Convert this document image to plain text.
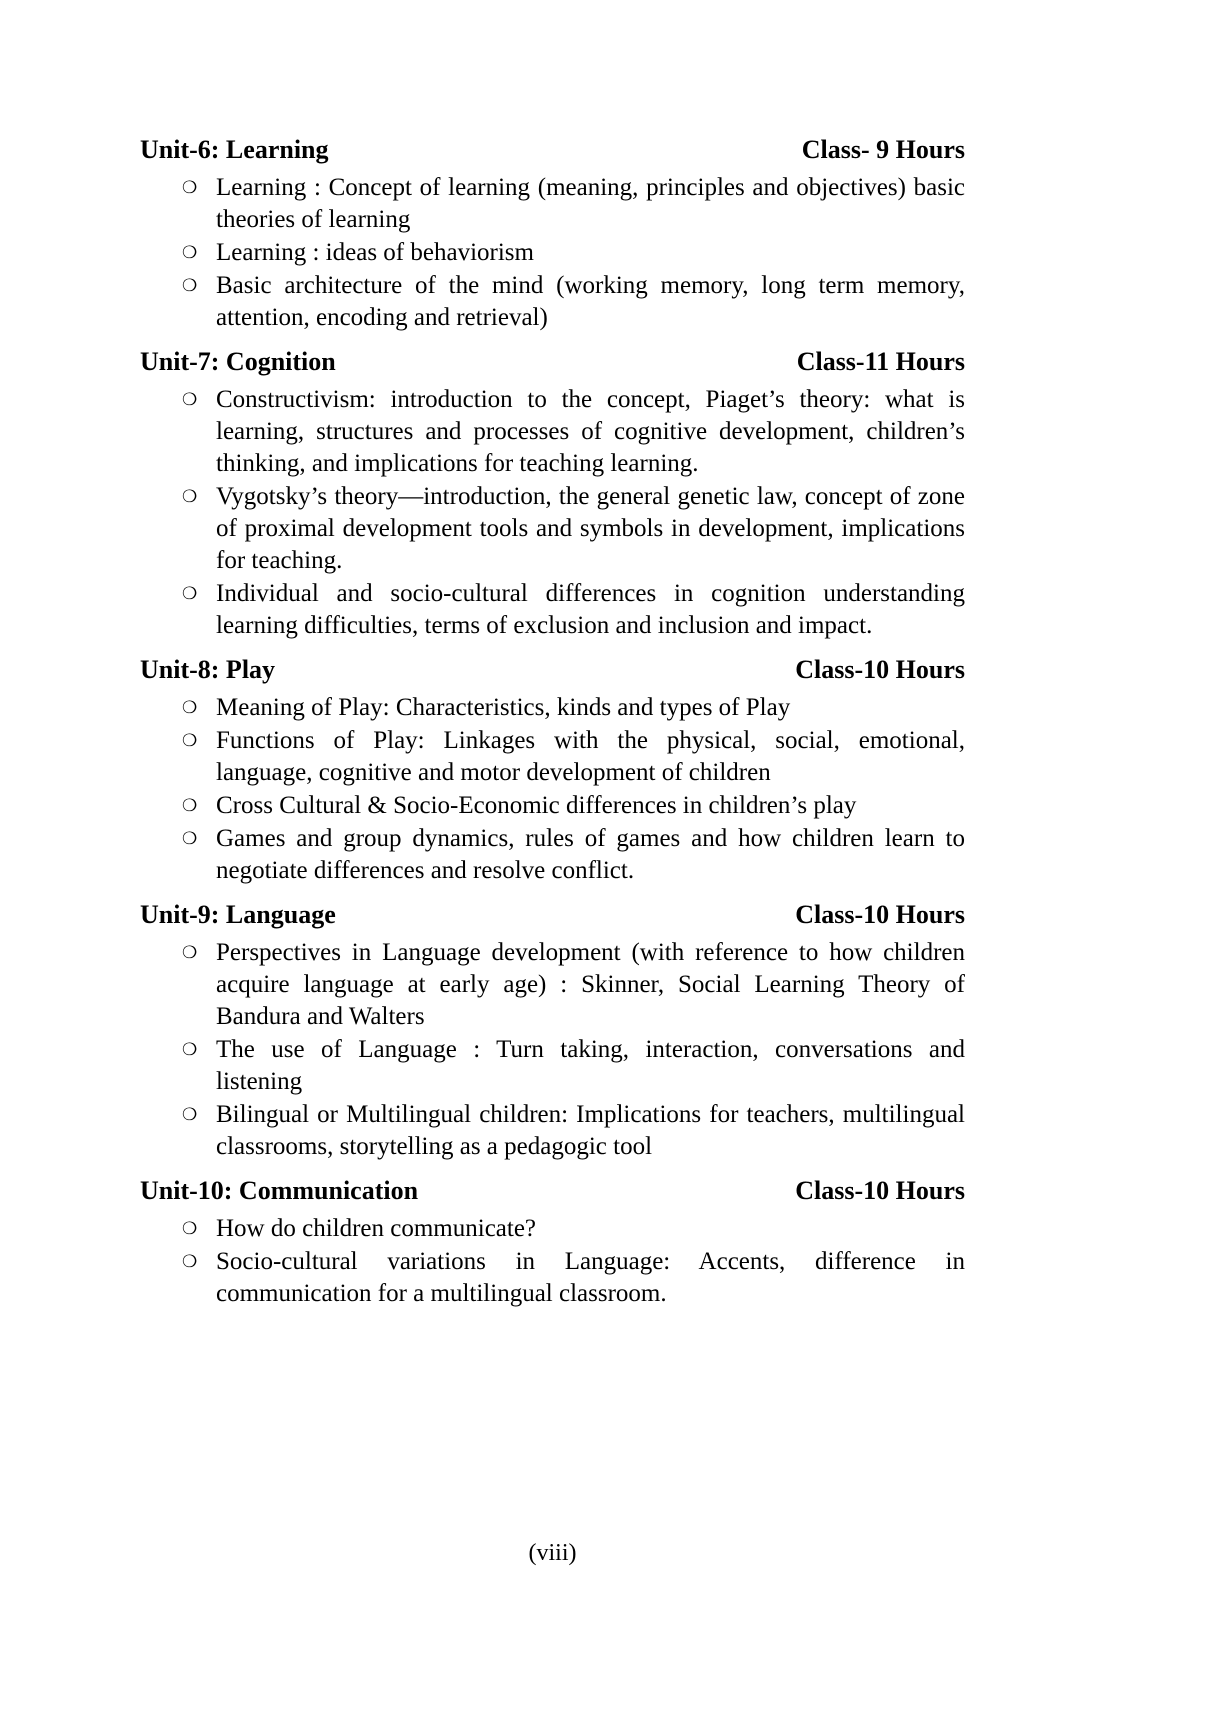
Unit-6: Learning	Class- 9 Hours
❍ Learning : Concept of learning (meaning, principles and objectives) basic theories of learning
❍ Learning : ideas of behaviorism
❍ Basic architecture of the mind (working memory, long term memory, attention, encoding and retrieval)
Unit-7: Cognition	Class-11 Hours
❍ Constructivism: introduction to the concept, Piaget’s theory: what is learning, structures and processes of cognitive development, children’s thinking, and implications for teaching learning.
❍ Vygotsky’s theory—introduction, the general genetic law, concept of zone of proximal development tools and symbols in development, implications for teaching.
❍ Individual and socio-cultural differences in cognition understanding learning difficulties, terms of exclusion and inclusion and impact.
Unit-8: Play	Class-10 Hours
❍ Meaning of Play: Characteristics, kinds and types of Play
❍ Functions of Play: Linkages with the physical, social, emotional, language, cognitive and motor development of children
❍ Cross Cultural & Socio-Economic differences in children’s play
❍ Games and group dynamics, rules of games and how children learn to negotiate differences and resolve conflict.
Unit-9: Language	Class-10 Hours
❍ Perspectives in Language development (with reference to how children acquire language at early age) : Skinner, Social Learning Theory of Bandura and Walters
❍ The use of Language : Turn taking, interaction, conversations and listening
❍ Bilingual or Multilingual children: Implications for teachers, multilingual classrooms, storytelling as a pedagogic tool
Unit-10: Communication	Class-10 Hours
❍ How do children communicate?
❍ Socio-cultural variations in Language: Accents, difference in communication for a multilingual classroom.
(viii)
